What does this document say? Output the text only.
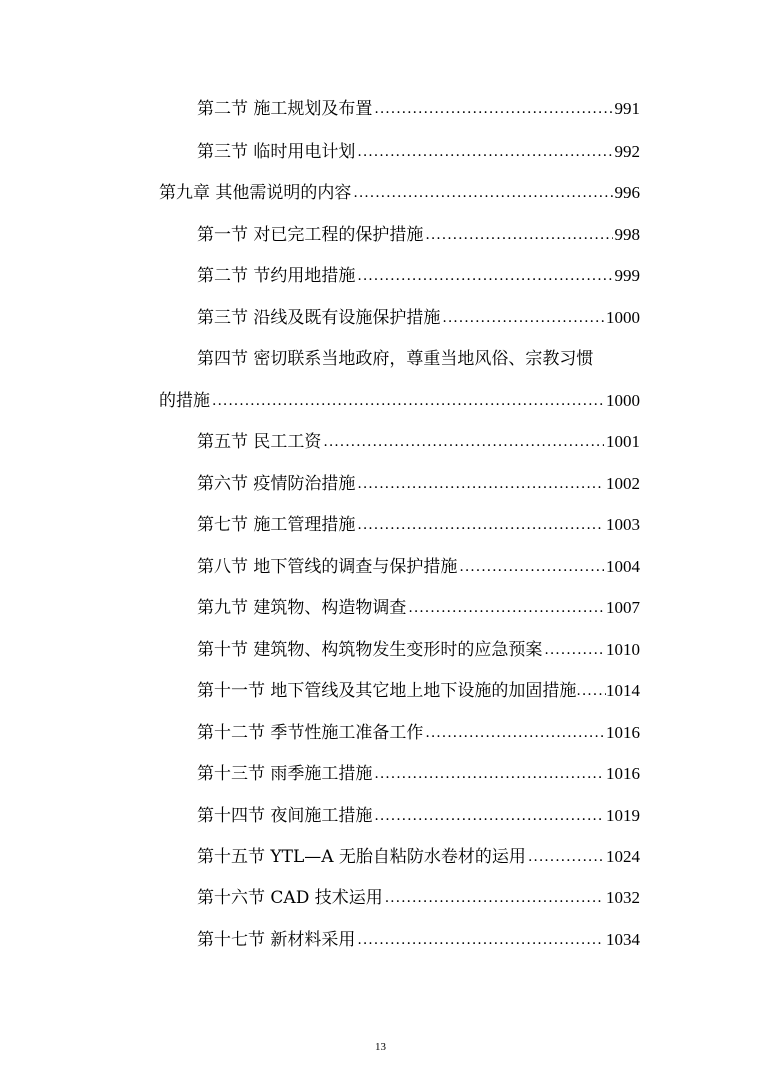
第二节 施工规划及布置 .....	991
第三节 临时用电计划 .....	992
第九章 其他需说明的内容 .....	996
第一节 对已完工程的保护措施 .....	998
第二节 节约用地措施 .....	999
第三节 沿线及既有设施保护措施 .....	1000
第四节 密切联系当地政府，尊重当地风俗、宗教习惯
的措施 .....	1000
第五节 民工工资 .....	1001
第六节 疫情防治措施 .....	1002
第七节 施工管理措施 .....	1003
第八节 地下管线的调查与保护措施 .....	1004
第九节 建筑物、构造物调查 .....	1007
第十节 建筑物、构筑物发生变形时的应急预案 .....	1010
第十一节 地下管线及其它地上地下设施的加固措施 ..... 1014
第十二节 季节性施工准备工作 .....	1016
第十三节 雨季施工措施 .....	1016
第十四节 夜间施工措施 .....	1019
第十五节 YTL—A 无胎自粘防水卷材的运用 .....	1024
第十六节 CAD 技术运用 .....	1032
第十七节 新材料采用 .....	1034
13
